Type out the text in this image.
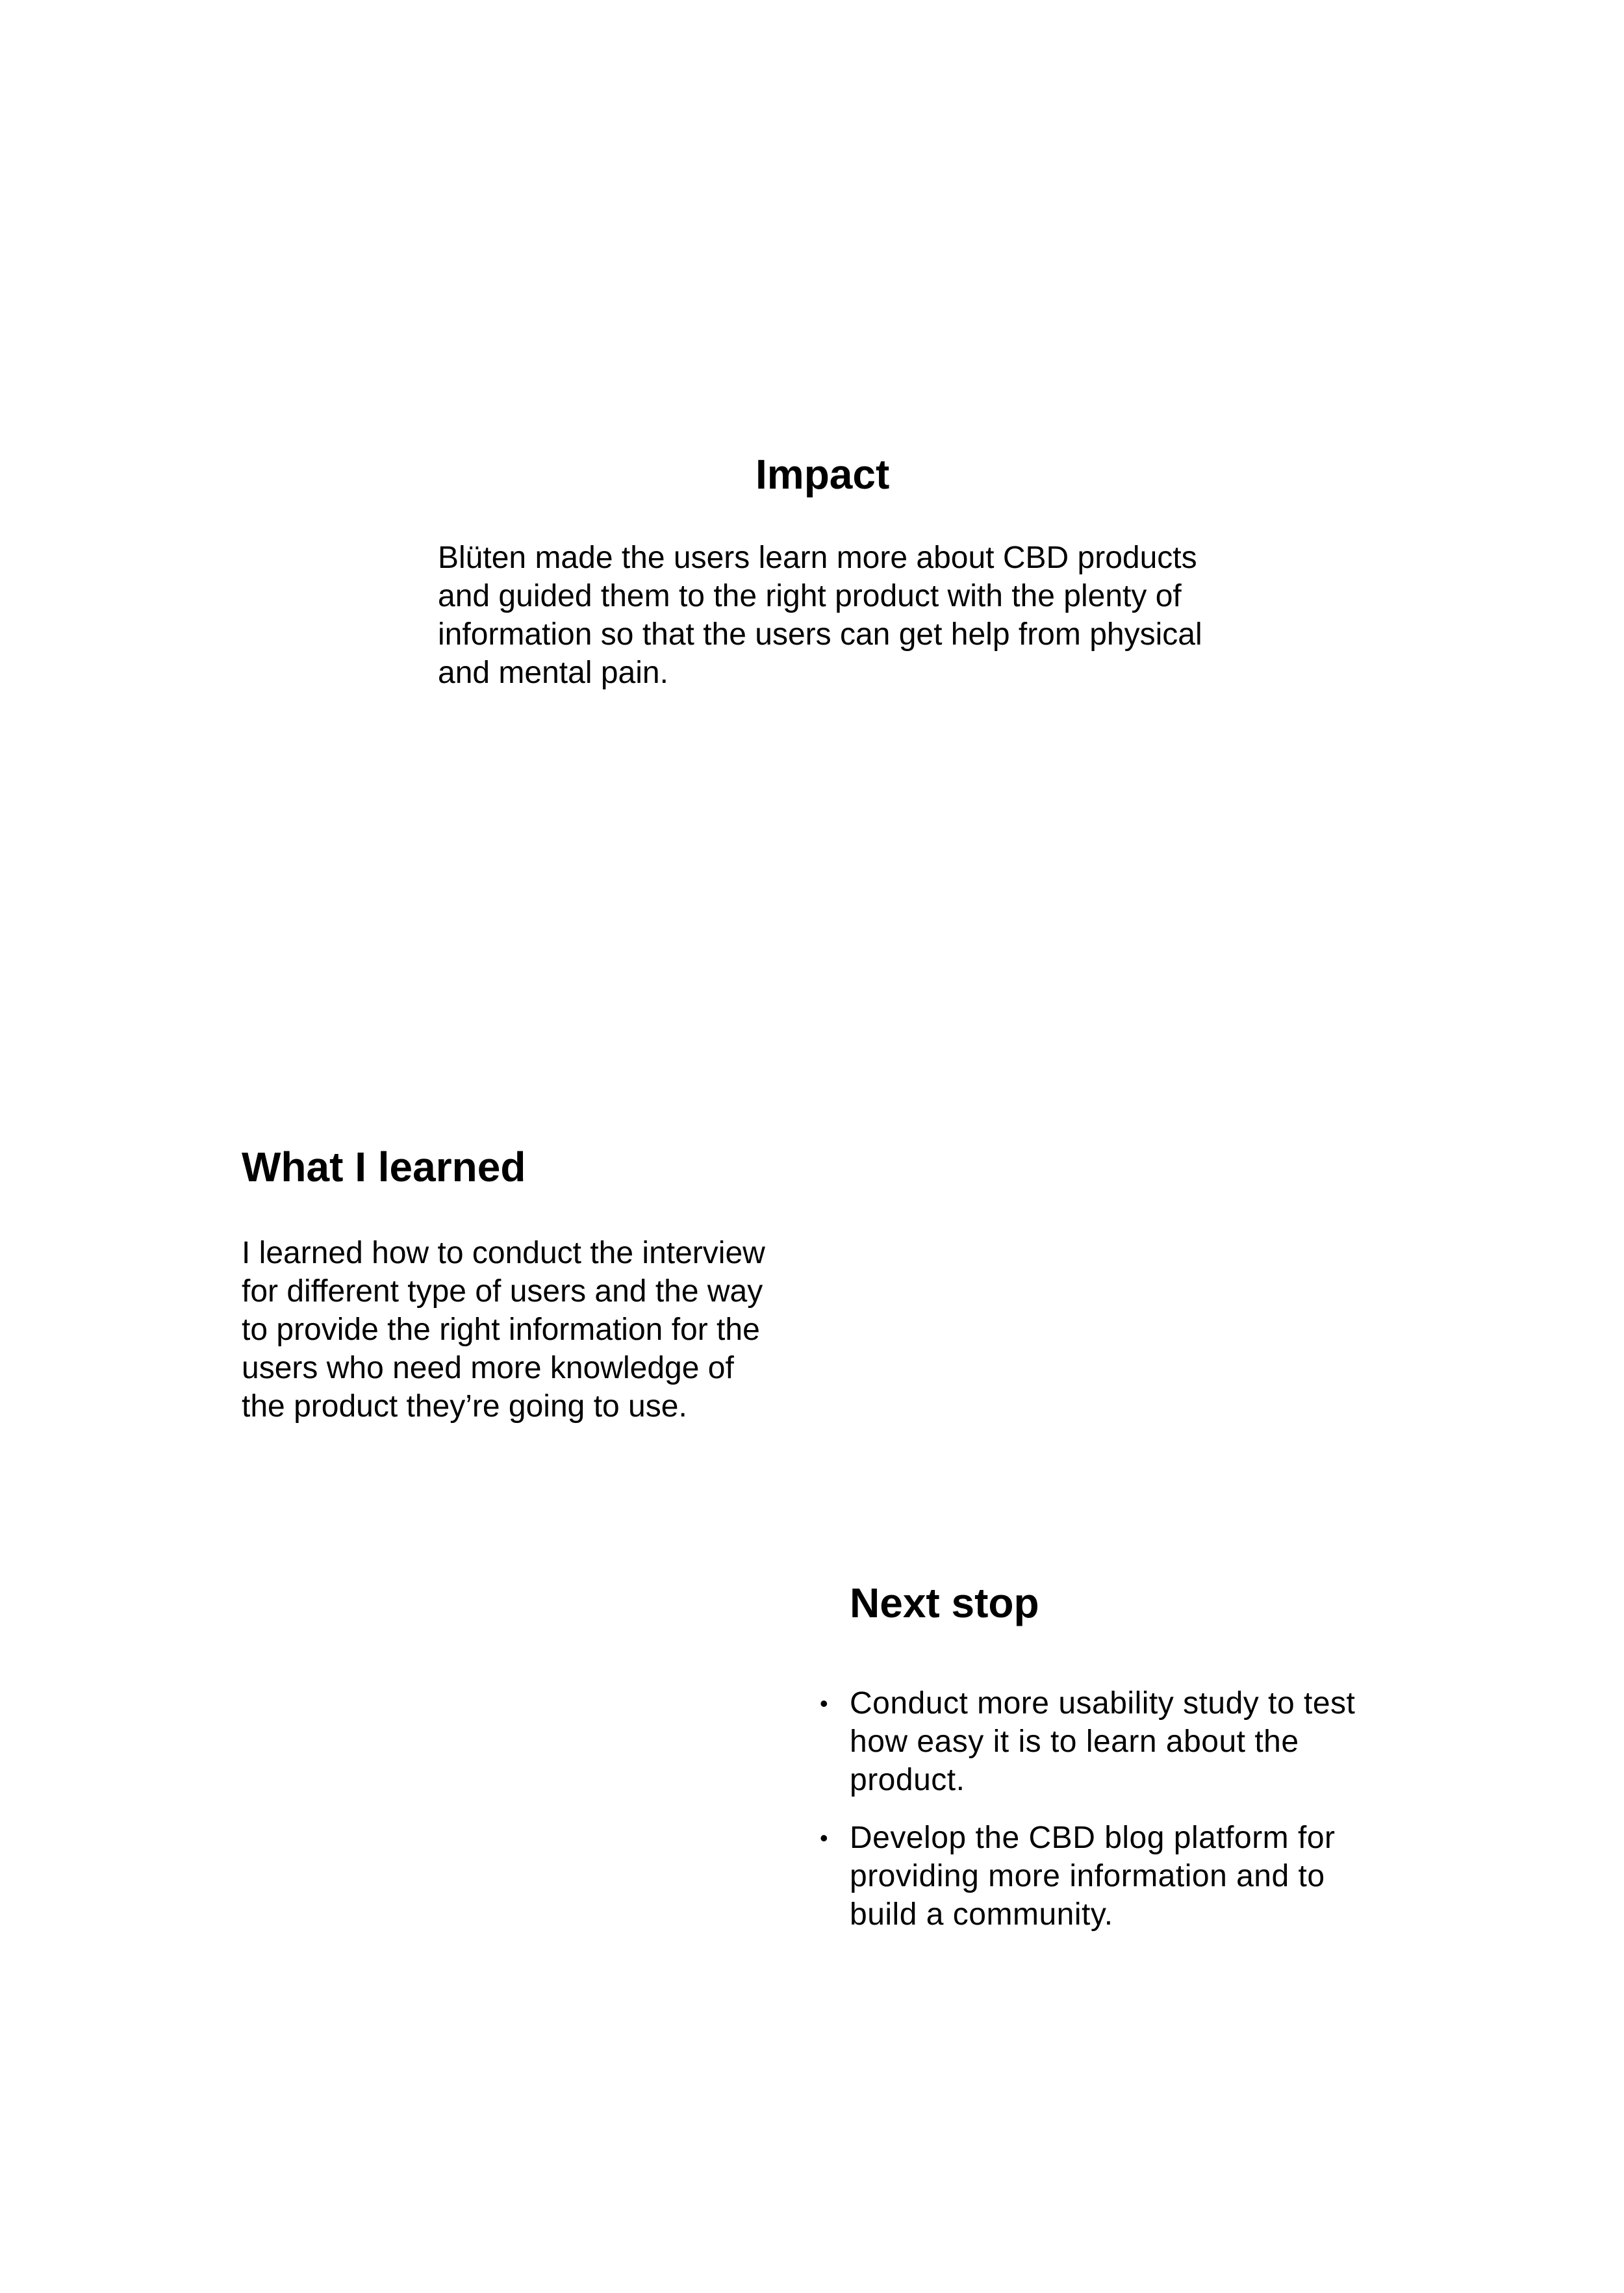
Impact

Blüten made the users learn more about CBD products
and guided them to the right product with the plenty of
information so that the users can get help from physical
and mental pain.

What I learned

I learned how to conduct the interview
for different type of users and the way
to provide the right information for the
users who need more knowledge of
the product they’re going to use.

Next stop
• Conduct more usability study to test
how easy it is to learn about the
product.
• Develop the CBD blog platform for
providing more information and to
build a community.
